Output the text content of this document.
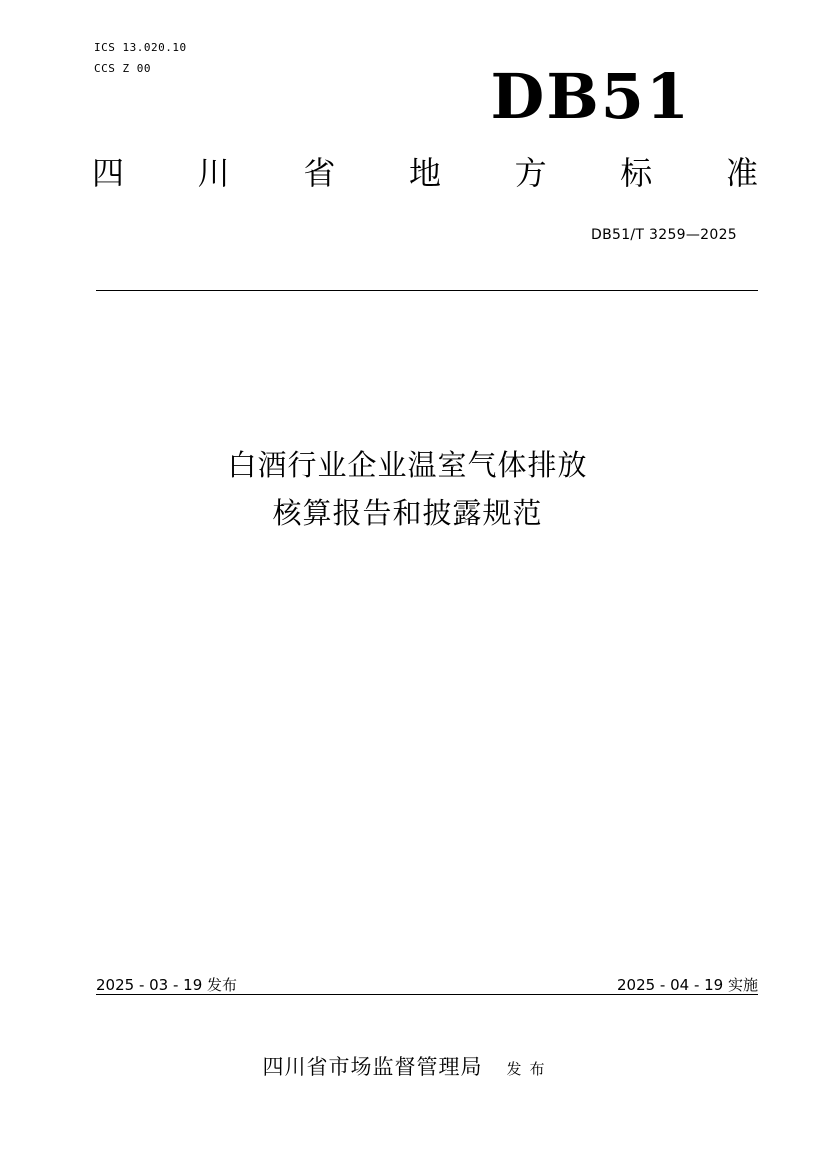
ICS 13.020.10
CCS Z 00	DB51
四 川 省 地 方 标 准
DB51/T 3259—2025
白酒行业企业温室气体排放
核算报告和披露规范
2025 - 03 - 19 发布	2025 - 04 - 19 实施
四川省市场监督管理局 发布
